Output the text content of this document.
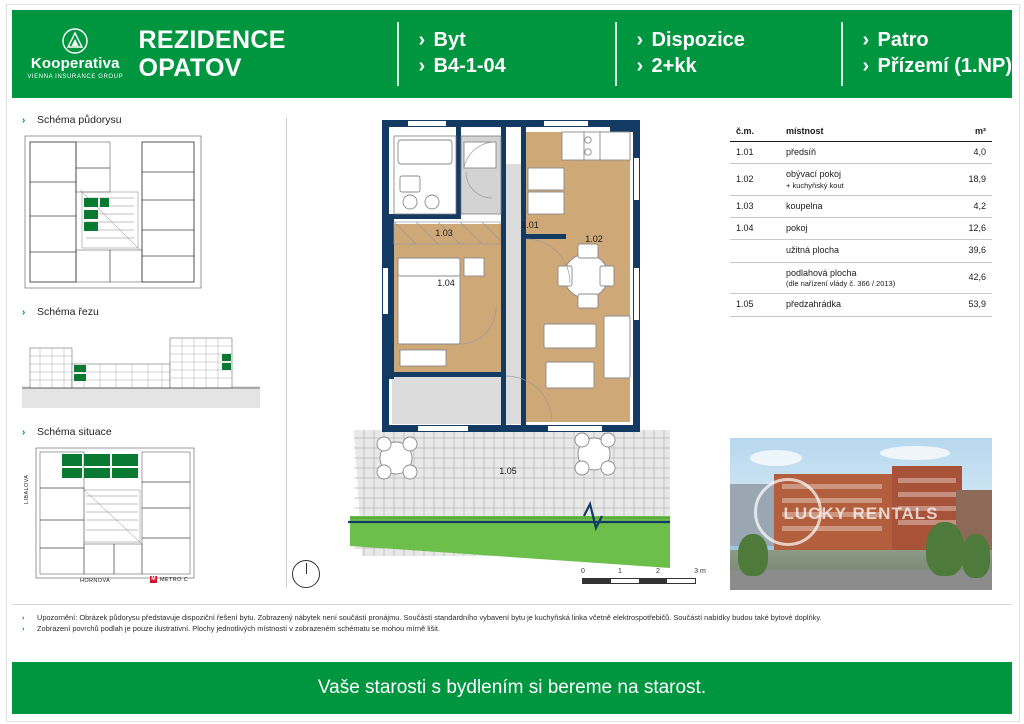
Kooperativa
VIENNA INSURANCE GROUP
REZIDENCE
OPATOV
› Byt
› B4-1-04
› Dispozice
› 2+kk
› Patro
› Přízemí (1.NP)
› Schéma půdorysu
› Schéma řezu
› Schéma situace
LIBALOVA
HORNOVA	M METRO C
1.03
1.01
1.02
1.04
1.05
0	1	2	3 m
č.m.	místnost	m²
1.01	předsíň	4,0
1.02	obývací pokoj
+ kuchyňský kout	18,9
1.03	koupelna	4,2
1.04	pokoj	12,6
	užitná plocha	39,6
	podlahová plocha
(dle nařízení vlády č. 366 / 2013)	42,6
1.05	předzahrádka	53,9
LUCKY RENTALS
› Upozornění: Obrázek půdorysu představuje dispoziční řešení bytu. Zobrazený nábytek není součástí pronájmu. Součástí standardního vybavení bytu je kuchyňská linka včetně elektrospotřebičů. Součástí nabídky budou také bytové doplňky.
› Zobrazení povrchů podlah je pouze ilustrativní. Plochy jednotlivých místností v zobrazeném schématu se mohou mírně lišit.
Vaše starosti s bydlením si bereme na starost.
